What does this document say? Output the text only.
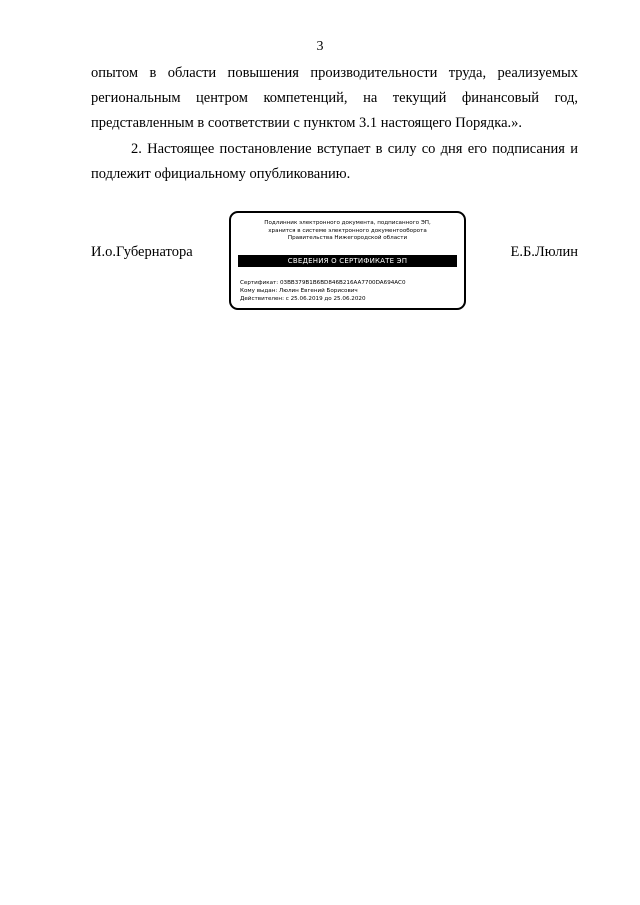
3
опытом в области повышения производительности труда, реализуемых
региональным центром компетенций, на текущий финансовый год,
представленным в соответствии с пунктом 3.1 настоящего Порядка.».
2. Настоящее постановление вступает в силу со дня его подписания и
подлежит официальному опубликованию.
И.о.Губернатора
Подлинник электронного документа, подписанного ЭП,
хранится в системе электронного документооборота
Правительства Нижегородской области
СВЕДЕНИЯ О СЕРТИФИКАТЕ ЭП
Сертификат: 03BB379B1B6BD846B216AA7700DA694AC0
Кому выдан: Люлин Евгений Борисович
Действителен: с 25.06.2019 до 25.06.2020
Е.Б.Люлин
